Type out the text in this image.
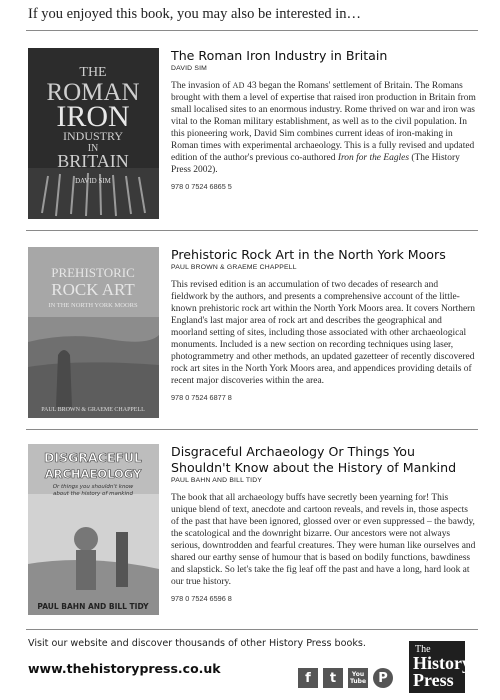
If you enjoyed this book, you may also be interested in…
THE
ROMAN
IRON
INDUSTRY
IN
BRITAIN
DAVID SIM
The Roman Iron Industry in Britain
DAVID SIM

The invasion of AD 43 began the Romans' settlement of Britain. The Romans brought with them a level of expertise that raised iron production in Britain from small localised sites to an enormous industry. Rome thrived on war and iron was vital to the Roman military establishment, as well as to the civil population. In this pioneering work, David Sim combines current ideas of iron-making in Roman times with experimental archaeology. This is a fully revised and updated edition of the author's previous co-authored Iron for the Eagles (The History Press 2002).

978 0 7524 6865 5
PREHISTORIC
ROCK ART
IN THE NORTH YORK MOORS
PAUL BROWN & GRAEME CHAPPELL
Prehistoric Rock Art in the North York Moors
PAUL BROWN & GRAEME CHAPPELL

This revised edition is an accumulation of two decades of research and fieldwork by the authors, and presents a comprehensive account of the little-known prehistoric rock art within the North York Moors area. It covers Northern England's last major area of rock art and describes the geographical and moorland setting of sites, including those associated with other archaeological monuments. Included is a new section on recording techniques using laser, photogrammetry and other methods, an updated gazetteer of recently discovered rock art sites in the North York Moors area, and appendices providing details of recent major discoveries within the area.

978 0 7524 6877 8
DISGRACEFUL
ARCHAEOLOGY
Or things you shouldn't know
about the history of mankind
PAUL BAHN AND BILL TIDY
Disgraceful Archaeology Or Things You Shouldn't Know about the History of Mankind
PAUL BAHN AND BILL TIDY

The book that all archaeology buffs have secretly been yearning for! This unique blend of text, anecdote and cartoon reveals, and revels in, those aspects of the past that have been ignored, glossed over or even suppressed – the bawdy, the scatological and the downright bizarre. Our ancestors were not always serious, downtrodden and fearful creatures. They were human like ourselves and shared our earthy sense of humour that is based on bodily functions, bawdiness and slapstick. So let's take the fig leaf off the past and have a long, hard look at our true history.

978 0 7524 6596 8
Visit our website and discover thousands of other History Press books.
www.thehistorypress.co.uk
f t	You Tube P
The
History
Press
